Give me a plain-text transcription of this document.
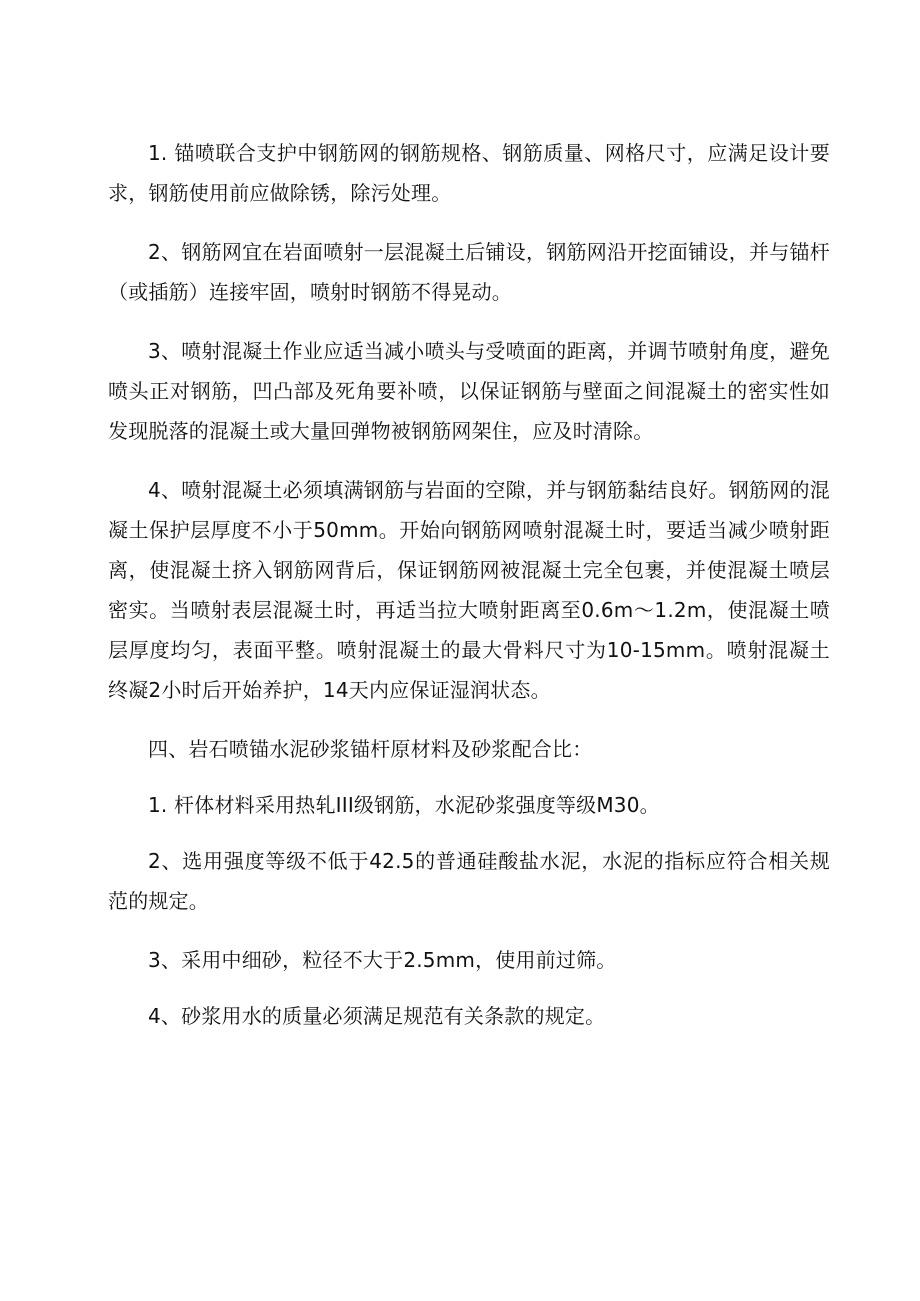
1. 锚喷联合支护中钢筋网的钢筋规格、钢筋质量、网格尺寸，应满足设计要求，钢筋使用前应做除锈，除污处理。

2、钢筋网宜在岩面喷射一层混凝土后铺设，钢筋网沿开挖面铺设，并与锚杆（或插筋）连接牢固，喷射时钢筋不得晃动。

3、喷射混凝土作业应适当减小喷头与受喷面的距离，并调节喷射角度，避免喷头正对钢筋，凹凸部及死角要补喷，以保证钢筋与壁面之间混凝土的密实性如发现脱落的混凝土或大量回弹物被钢筋网架住，应及时清除。

4、喷射混凝土必须填满钢筋与岩面的空隙，并与钢筋黏结良好。钢筋网的混凝土保护层厚度不小于50mm。开始向钢筋网喷射混凝土时，要适当减少喷射距离，使混凝土挤入钢筋网背后，保证钢筋网被混凝土完全包裹，并使混凝土喷层密实。当喷射表层混凝土时，再适当拉大喷射距离至0.6m～1.2m，使混凝土喷层厚度均匀，表面平整。喷射混凝土的最大骨料尺寸为10-15mm。喷射混凝土终凝2小时后开始养护，14天内应保证湿润状态。

四、岩石喷锚水泥砂浆锚杆原材料及砂浆配合比：

1. 杆体材料采用热轧III级钢筋，水泥砂浆强度等级M30。

2、选用强度等级不低于42.5的普通硅酸盐水泥，水泥的指标应符合相关规范的规定。

3、采用中细砂，粒径不大于2.5mm，使用前过筛。

4、砂浆用水的质量必须满足规范有关条款的规定。
